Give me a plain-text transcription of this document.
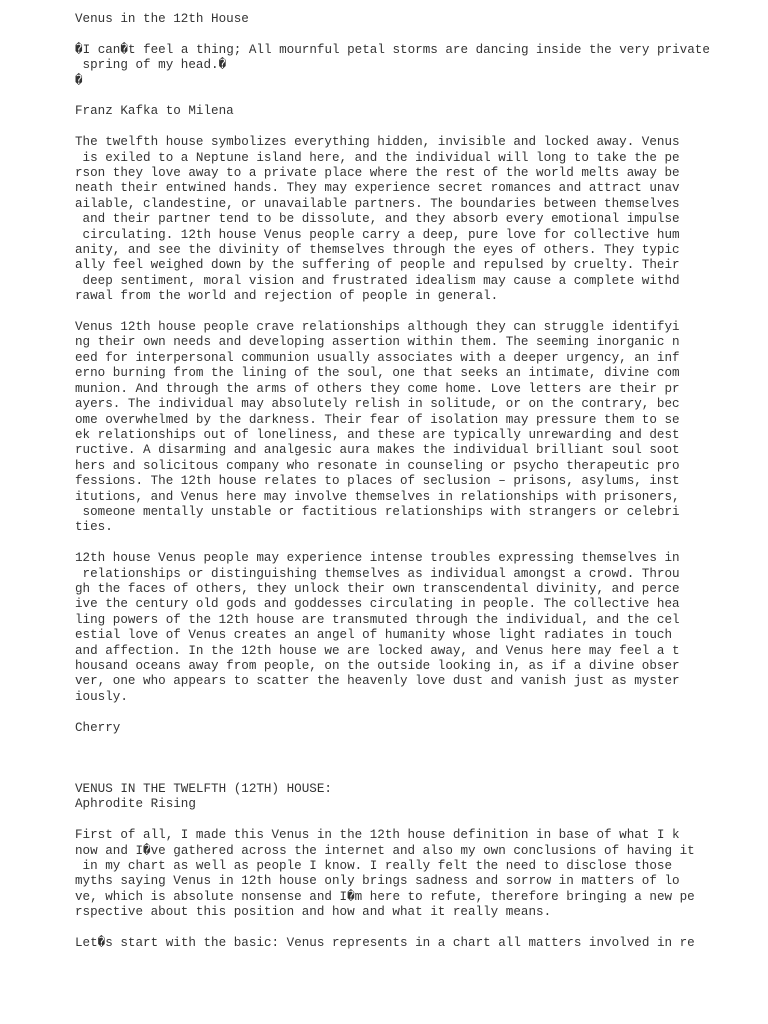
Venus in the 12th House

�I can�t feel a thing; All mournful petal storms are dancing inside the very private
spring of my head.�
�

Franz Kafka to Milena

The twelfth house symbolizes everything hidden, invisible and locked away. Venus
is exiled to a Neptune island here, and the individual will long to take the pe
rson they love away to a private place where the rest of the world melts away be
neath their entwined hands. They may experience secret romances and attract unav
ailable, clandestine, or unavailable partners. The boundaries between themselves
and their partner tend to be dissolute, and they absorb every emotional impulse
circulating. 12th house Venus people carry a deep, pure love for collective hum
anity, and see the divinity of themselves through the eyes of others. They typic
ally feel weighed down by the suffering of people and repulsed by cruelty. Their
deep sentiment, moral vision and frustrated idealism may cause a complete withd
rawal from the world and rejection of people in general.

Venus 12th house people crave relationships although they can struggle identifyi
ng their own needs and developing assertion within them. The seeming inorganic n
eed for interpersonal communion usually associates with a deeper urgency, an inf
erno burning from the lining of the soul, one that seeks an intimate, divine com
munion. And through the arms of others they come home. Love letters are their pr
ayers. The individual may absolutely relish in solitude, or on the contrary, bec
ome overwhelmed by the darkness. Their fear of isolation may pressure them to se
ek relationships out of loneliness, and these are typically unrewarding and dest
ructive. A disarming and analgesic aura makes the individual brilliant soul soot
hers and solicitous company who resonate in counseling or psycho therapeutic pro
fessions. The 12th house relates to places of seclusion – prisons, asylums, inst
itutions, and Venus here may involve themselves in relationships with prisoners,
someone mentally unstable or factitious relationships with strangers or celebri
ties.

12th house Venus people may experience intense troubles expressing themselves in
relationships or distinguishing themselves as individual amongst a crowd. Throu
gh the faces of others, they unlock their own transcendental divinity, and perce
ive the century old gods and goddesses circulating in people. The collective hea
ling powers of the 12th house are transmuted through the individual, and the cel
estial love of Venus creates an angel of humanity whose light radiates in touch
and affection. In the 12th house we are locked away, and Venus here may feel a t
housand oceans away from people, on the outside looking in, as if a divine obser
ver, one who appears to scatter the heavenly love dust and vanish just as myster
iously.

Cherry

VENUS IN THE TWELFTH (12TH) HOUSE:
Aphrodite Rising

First of all, I made this Venus in the 12th house definition in base of what I k
now and I�ve gathered across the internet and also my own conclusions of having it
in my chart as well as people I know. I really felt the need to disclose those
myths saying Venus in 12th house only brings sadness and sorrow in matters of lo
ve, which is absolute nonsense and I�m here to refute, therefore bringing a new pe
rspective about this position and how and what it really means.

Let�s start with the basic: Venus represents in a chart all matters involved in re
